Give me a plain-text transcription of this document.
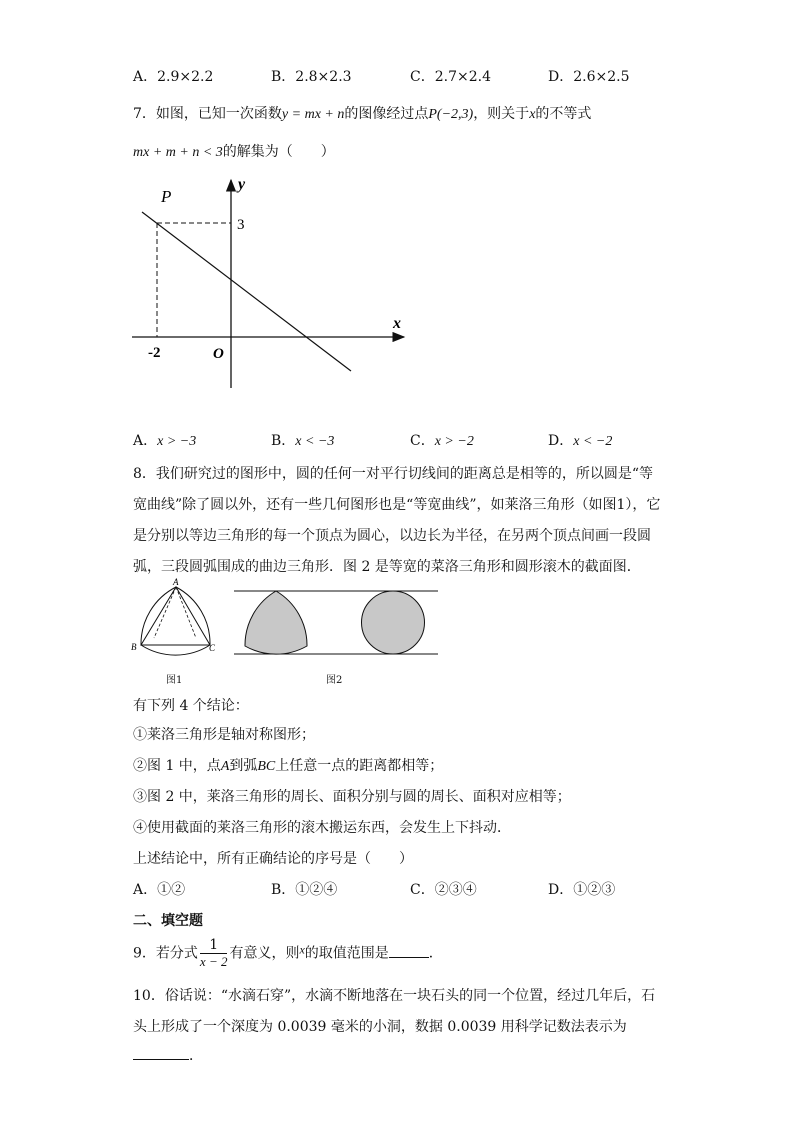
A．2.9×2.2	B．2.8×2.3	C．2.7×2.4	D．2.6×2.5
7．如图，已知一次函数y = mx + n的图像经过点P(−2,3)，则关于x的不等式
mx + m + n < 3的解集为（　　）
P
y
x
3
-2	O
A．x > −3	B．x < −3	C．x > −2	D．x < −2
8．我们研究过的图形中，圆的任何一对平行切线间的距离总是相等的，所以圆是“等
宽曲线”除了圆以外，还有一些几何图形也是“等宽曲线”，如莱洛三角形（如图1），它
是分别以等边三角形的每一个顶点为圆心，以边长为半径，在另两个顶点间画一段圆
弧，三段圆弧围成的曲边三角形．图 2 是等宽的菜洛三角形和圆形滚木的截面图．
A
B	C
图1	图2
有下列 4 个结论：
①莱洛三角形是轴对称图形；
②图 1 中，点A到弧BC上任意一点的距离都相等；
③图 2 中，莱洛三角形的周长、面积分别与圆的周长、面积对应相等；
④使用截面的莱洛三角形的滚木搬运东西，会发生上下抖动．
上述结论中，所有正确结论的序号是（　　）
A．①②	B．①②④	C．②③④	D．①②③
二、填空题
9．若分式 $\frac{1}{x - 2}$ 有意义，则x的取值范围是	．
10．俗话说：“水滴石穿”，水滴不断地落在一块石头的同一个位置，经过几年后，石
头上形成了一个深度为 0.0039 毫米的小洞，数据 0.0039 用科学记数法表示为
．
